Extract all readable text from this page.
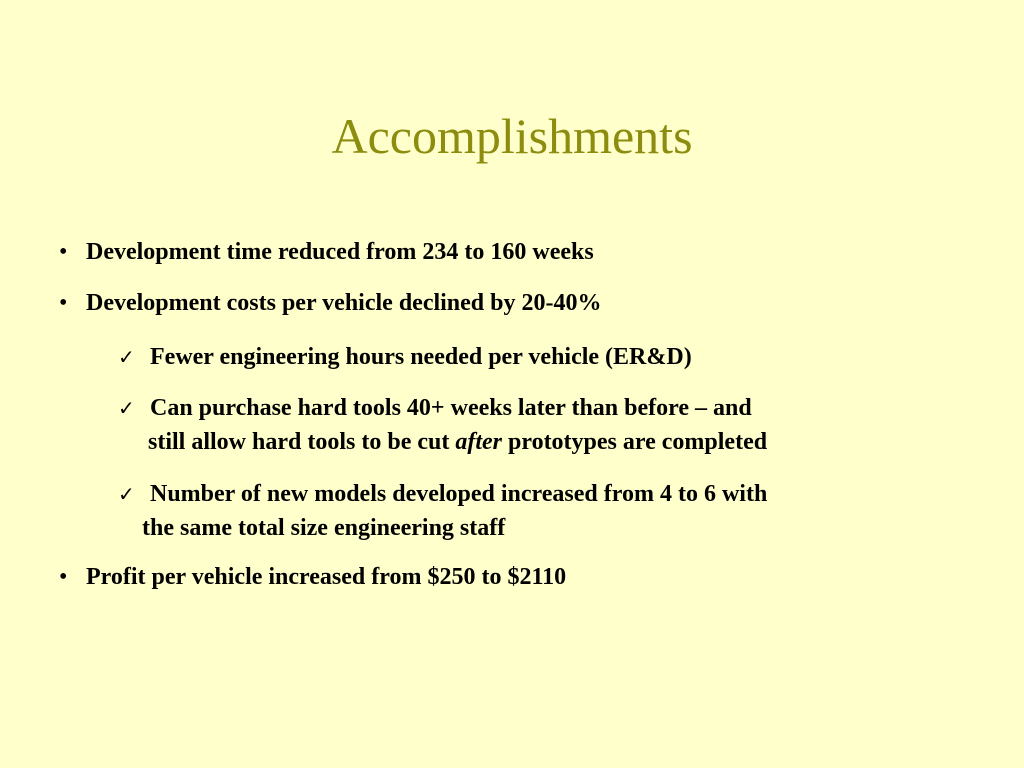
Accomplishments
• Development time reduced from 234 to 160 weeks
• Development costs per vehicle declined by 20-40%
✓ Fewer engineering hours needed per vehicle (ER&D)
✓ Can purchase hard tools 40+ weeks later than before – and
still allow hard tools to be cut after prototypes are completed
✓ Number of new models developed increased from 4 to 6 with
the same total size engineering staff
• Profit per vehicle increased from $250 to $2110
